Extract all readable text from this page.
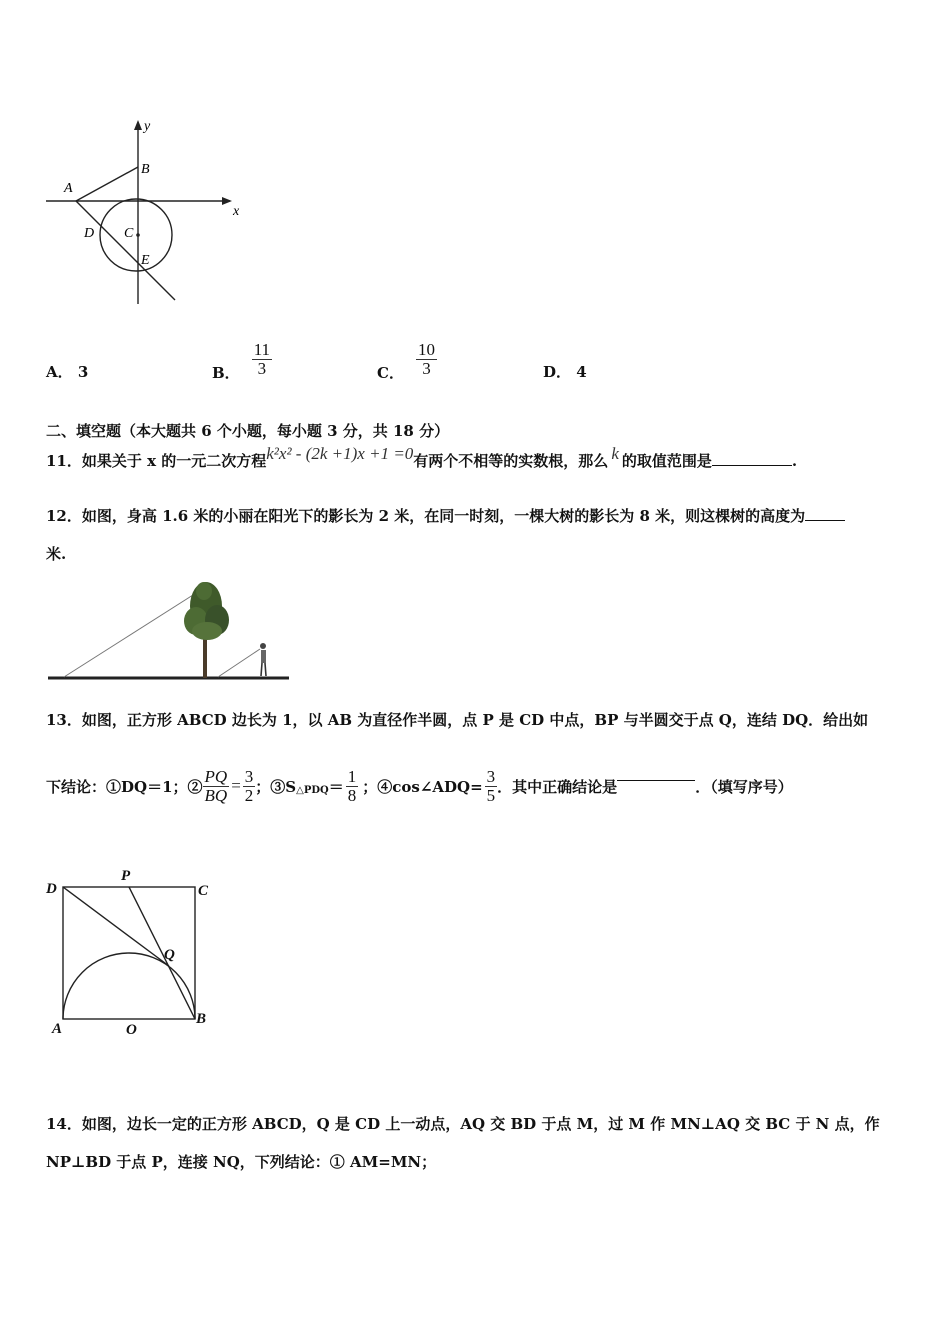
y
x
A
B
C
D
E
A． 3	B． $\frac{11}{3}$	C． $\frac{10}{3}$	D． 4
二、填空题（本大题共 6 个小题，每小题 3 分，共 18 分）
11．如果关于 x 的一元二次方程k²x² - (2k +1)x +1 =0有两个不相等的实数根，那么 k 的取值范围是	.
12．如图，身高 1.6 米的小丽在阳光下的影长为 2 米，在同一时刻，一棵大树的影长为 8 米，则这棵树的高度为
米.
13．如图，正方形 ABCD 边长为 1，以 AB 为直径作半圆，点 P 是 CD 中点，BP 与半圆交于点 Q，连结 DQ．给出如
下结论：①DQ＝1；② $\frac{PQ}{BQ} = \frac{3}{2}$ ；③S △PDQ ＝ $\frac{1}{8}$ ；④cos∠ADQ= $\frac{3}{5}$ ．其中正确结论是	．（填写序号）
D
P
C
Q
A	O
B
14．如图，边长一定的正方形 ABCD，Q 是 CD 上一动点，AQ 交 BD 于点 M，过 M 作 MN⊥AQ 交 BC 于 N 点，作
NP⊥BD 于点 P，连接 NQ，下列结论：① AM=MN；
